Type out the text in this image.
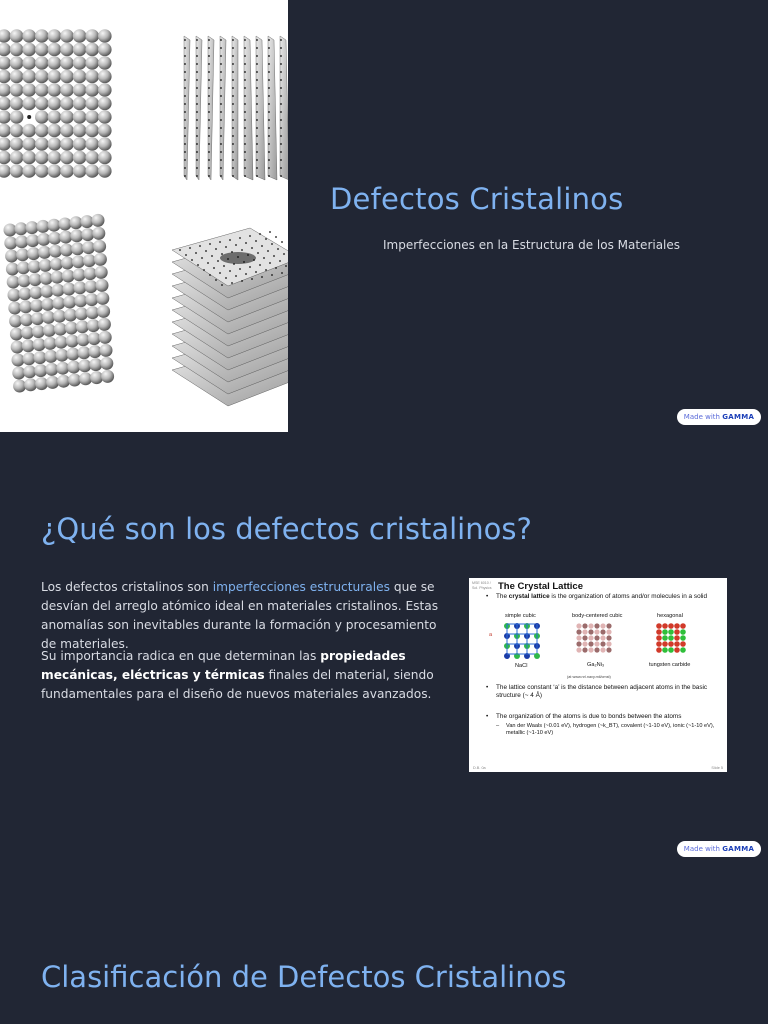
Defectos Cristalinos
Imperfecciones en la Estructura de los Materiales
Made with GAMMA
¿Qué son los defectos cristalinos?

Los defectos cristalinos son imperfecciones estructurales que se desvían del arreglo atómico ideal en materiales cristalinos. Estas anomalías son inevitables durante la formación y procesamiento de materiales.

Su importancia radica en que determinan las propiedades mecánicas, eléctricas y térmicas finales del material, siendo fundamentales para el diseño de nuevos materiales avanzados.

MSE 6010 / Sol. Physics The Crystal Lattice
• The crystal lattice is the organization of atoms and/or molecules in a solid
simple cubic	body-centered cubic	hexagonal
a
NaCl	Ga₂Ni₃	tungsten carbide
(at www.nrl.navy.mil/cmst)
• The lattice constant ‘a’ is the distance between adjacent atoms in the basic structure (~ 4 Å)
• The organization of the atoms is due to bonds between the atoms
– Van der Waals (~0.01 eV), hydrogen (~k_BT), covalent (~1-10 eV), ionic (~1-10 eV), metallic (~1-10 eV)
D.B. 0a	Slide 5
Made with GAMMA
Clasificación de Defectos Cristalinos
